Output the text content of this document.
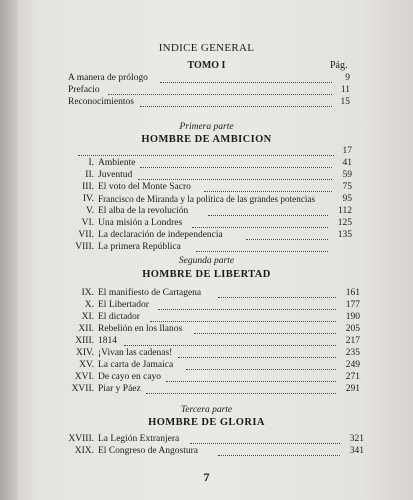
INDICE GENERAL
TOMO I	Pág.
A manera de prólogo	9
Prefacio	11
Reconocimientos	15
Primera parte
HOMBRE DE AMBICION
17
I. Ambiente	41
II. Juventud	59
III. El voto del Monte Sacro	75
IV. Francisco de Miranda y la política de las grandes potencias	95
V. El alba de la revolución	112
VI. Una misión a Londres	125
VII. La declaración de independencia	135
VIII. La primera República
Segunda parte
HOMBRE DE LIBERTAD
IX. El manifiesto de Cartagena	161
X. El Libertador	177
XI. El dictador	190
XII. Rebelión en los llanos	205
XIII. 1814	217
XIV. ¡Vivan las cadenas!	235
XV. La carta de Jamaica	249
XVI. De cayo en cayo	271
XVII. Piar y Páez	291
Tercera parte
HOMBRE DE GLORIA
XVIII. La Legión Extranjera	321
XIX. El Congreso de Angostura	341
7
